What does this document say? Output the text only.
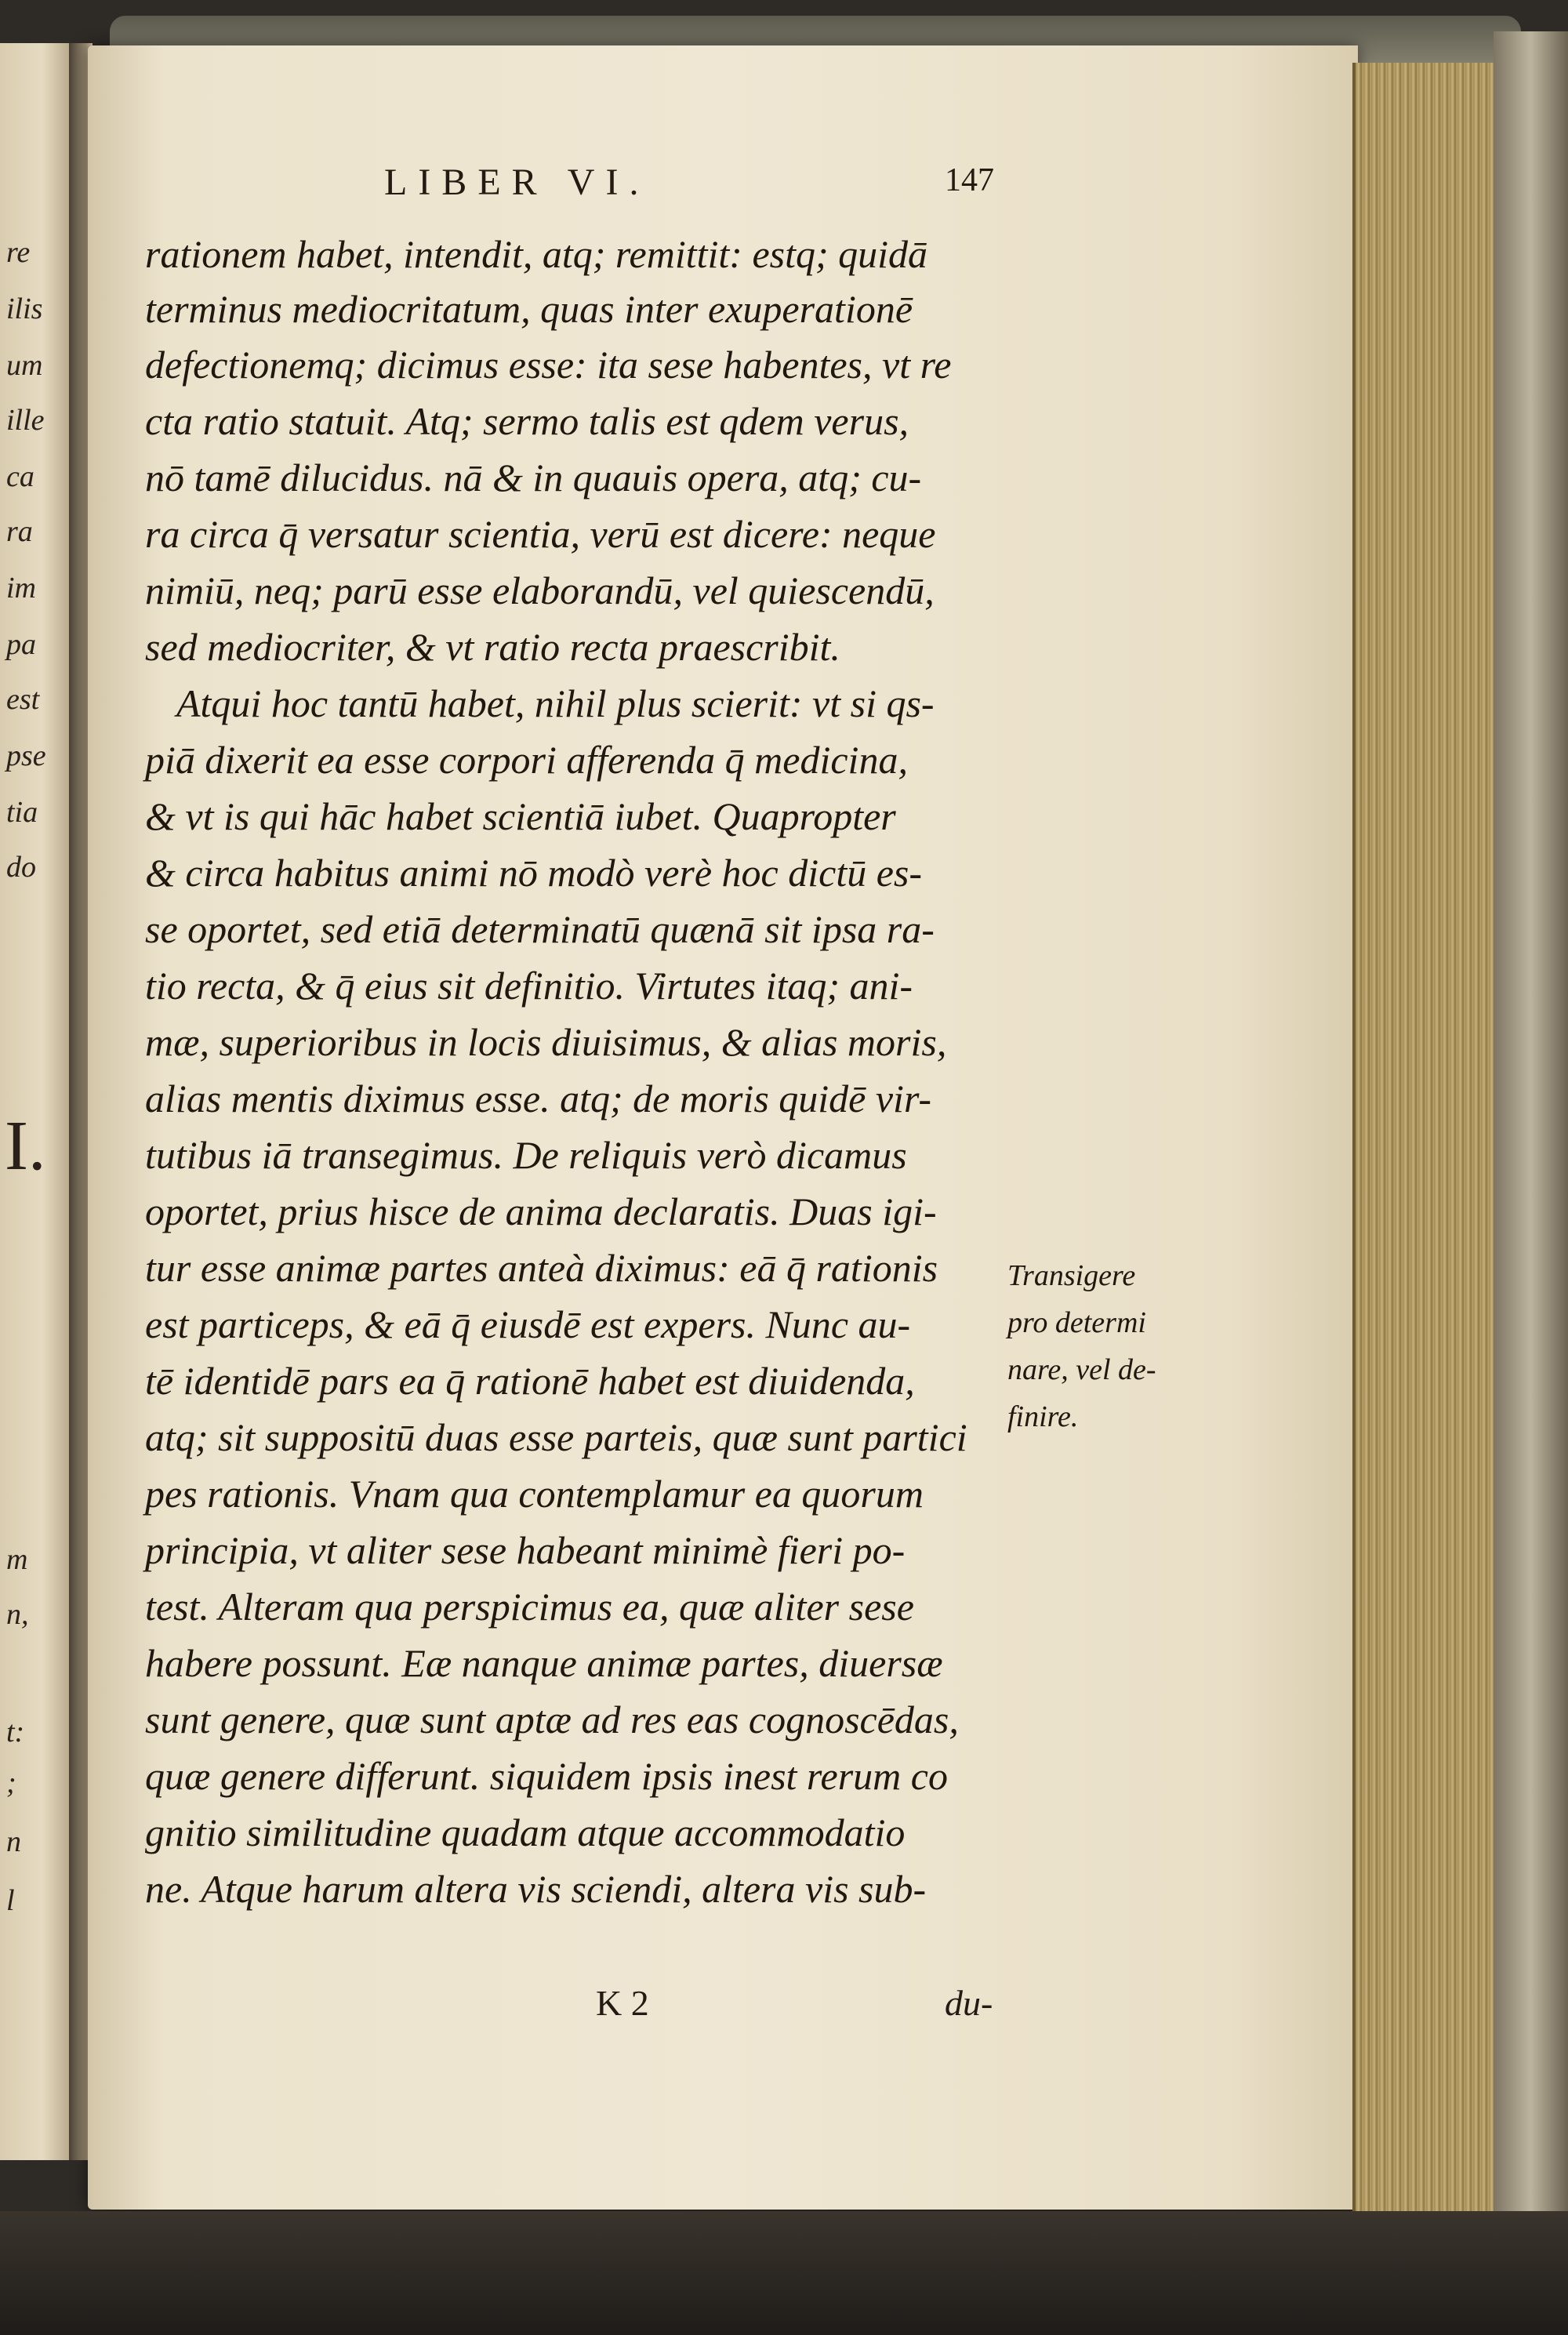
re
ilis
um
ille
ca
ra
im
pa
est
pse
tia
do
I.
m
n,
t:
;
n
l
LIBER VI.	147
rationem habet, intendit, atq; remittit: estq; quidā
terminus mediocritatum, quas inter exuperationē
defectionemq; dicimus esse: ita sese habentes, vt re
cta ratio statuit. Atq; sermo talis est qdem verus,
nō tamē dilucidus. nā & in quauis opera, atq; cu-
ra circa q̄ versatur scientia, verū est dicere: neque
nimiū, neq; parū esse elaborandū, vel quiescendū,
sed mediocriter, & vt ratio recta praescribit.
Atqui hoc tantū habet, nihil plus scierit: vt si qs-
piā dixerit ea esse corpori afferenda q̄ medicina,
& vt is qui hāc habet scientiā iubet. Quapropter
& circa habitus animi nō modò verè hoc dictū es-
se oportet, sed etiā determinatū quænā sit ipsa ra-
tio recta, & q̄ eius sit definitio. Virtutes itaq; ani-
mæ, superioribus in locis diuisimus, & alias moris,
alias mentis diximus esse. atq; de moris quidē vir-
tutibus iā transegimus. De reliquis verò dicamus
oportet, prius hisce de anima declaratis. Duas igi-
tur esse animæ partes anteà diximus: eā q̄ rationis
est particeps, & eā q̄ eiusdē est expers. Nunc au-
tē identidē pars ea q̄ rationē habet est diuidenda,
atq; sit suppositū duas esse parteis, quæ sunt partici
pes rationis. Vnam qua contemplamur ea quorum
principia, vt aliter sese habeant minimè fieri po-
test. Alteram qua perspicimus ea, quæ aliter sese
habere possunt. Eæ nanque animæ partes, diuersæ
sunt genere, quæ sunt aptæ ad res eas cognoscēdas,
quæ genere differunt. siquidem ipsis inest rerum co
gnitio similitudine quadam atque accommodatio
ne. Atque harum altera vis sciendi, altera vis sub-
Transigere
pro determi
nare, vel de-
finire.
K 2	du-
